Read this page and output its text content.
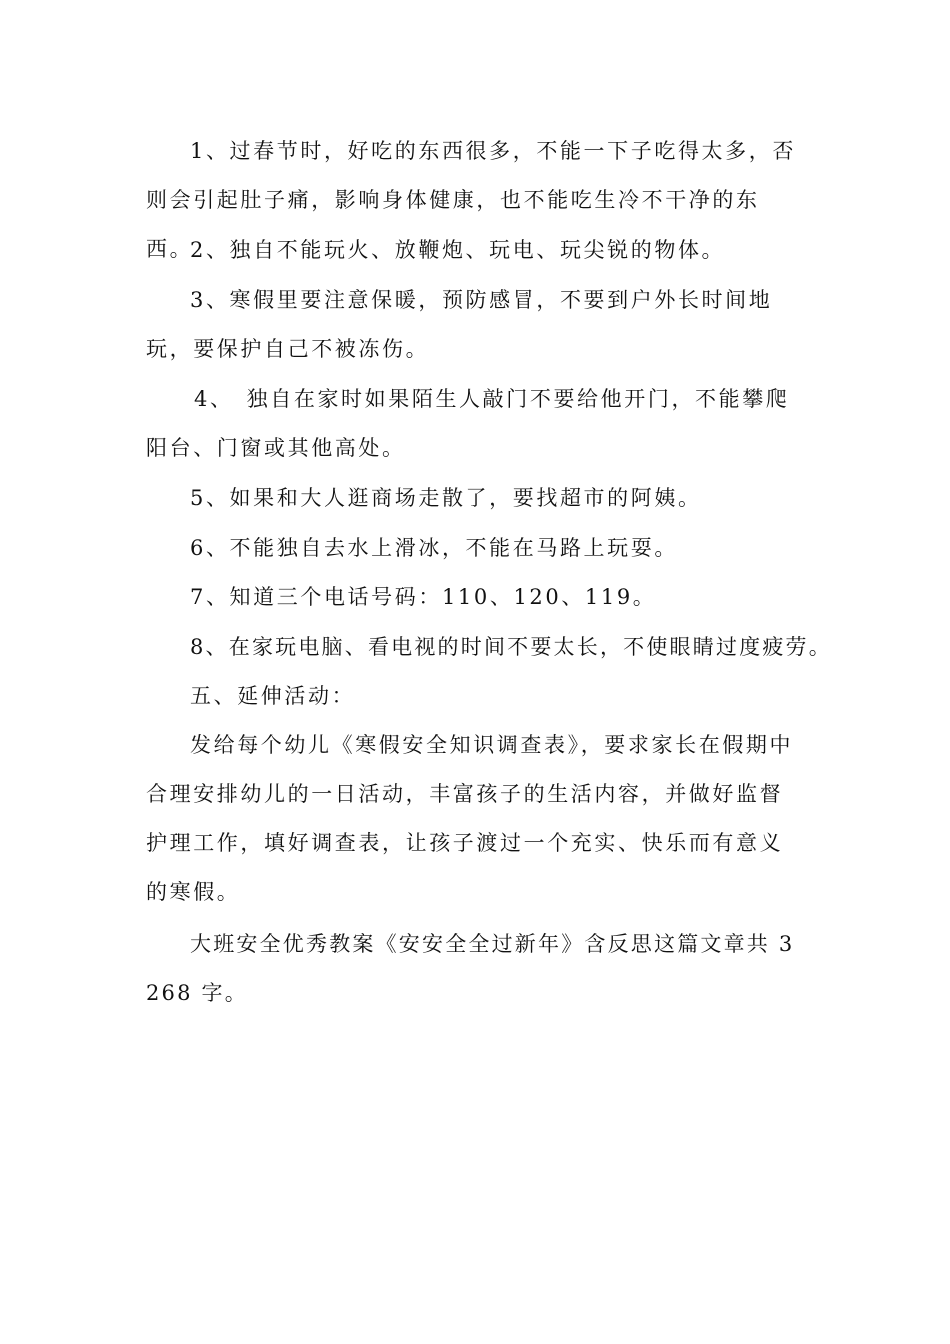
1、过春节时，好吃的东西很多，不能一下子吃得太多，否则会引起肚子痛，影响身体健康，也不能吃生冷不干净的东西。

2、独自不能玩火、放鞭炮、玩电、玩尖锐的物体。

3、寒假里要注意保暖，预防感冒，不要到户外长时间地玩，要保护自己不被冻伤。

4、　独自在家时如果陌生人敲门不要给他开门，不能攀爬阳台、门窗或其他高处。

5、如果和大人逛商场走散了，要找超市的阿姨。

6、不能独自去水上滑冰，不能在马路上玩耍。

7、知道三个电话号码：110、120、119。

8、在家玩电脑、看电视的时间不要太长，不使眼睛过度疲劳。

五、延伸活动：

发给每个幼儿《寒假安全知识调查表》，要求家长在假期中合理安排幼儿的一日活动，丰富孩子的生活内容，并做好监督护理工作，填好调查表，让孩子渡过一个充实、快乐而有意义的寒假。

大班安全优秀教案《安安全全过新年》含反思这篇文章共 3268 字。
